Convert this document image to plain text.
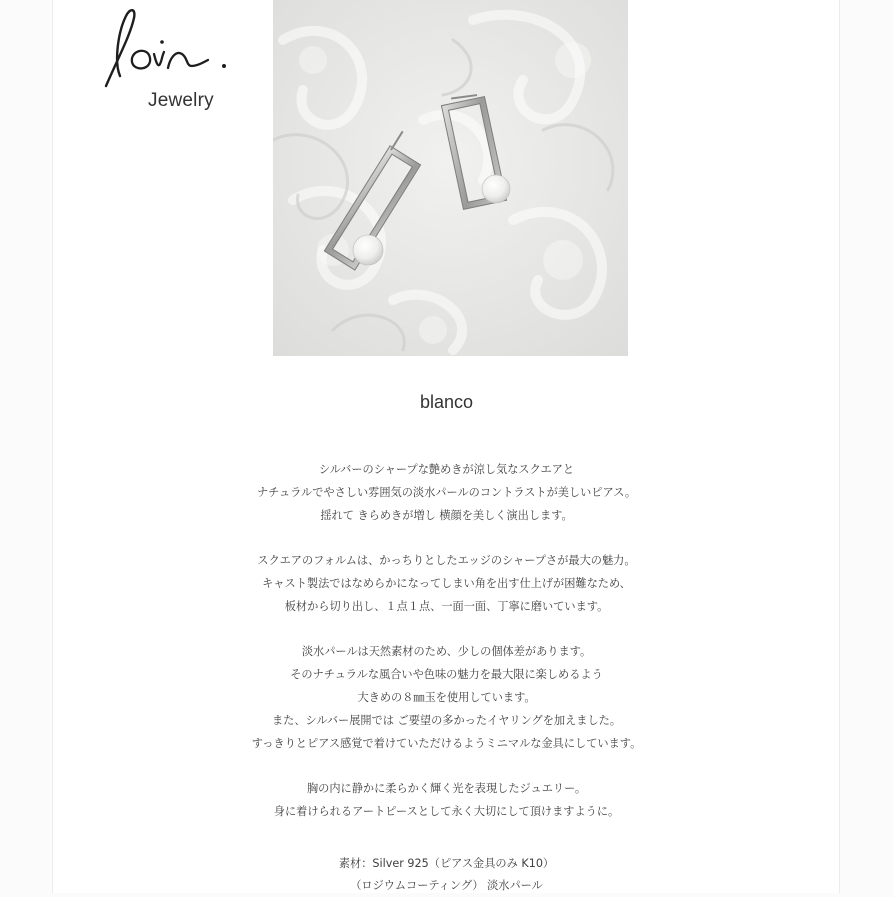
Jewelry
blanco
シルバーのシャープな艶めきが涼し気なスクエアと
ナチュラルでやさしい雰囲気の淡水パールのコントラストが美しいピアス。
揺れて きらめきが増し 横顔を美しく演出します。
スクエアのフォルムは、かっちりとしたエッジのシャープさが最大の魅力。
キャスト製法ではなめらかになってしまい角を出す仕上げが困難なため、
板材から切り出し、１点１点、一面一面、丁寧に磨いています。
淡水パールは天然素材のため、少しの個体差があります。
そのナチュラルな風合いや色味の魅力を最大限に楽しめるよう
大きめの８㎜玉を使用しています。
また、シルバー展開では ご要望の多かったイヤリングを加えました。
すっきりとピアス感覚で着けていただけるようミニマルな金具にしています。
胸の内に静かに柔らかく輝く光を表現したジュエリー。
身に着けられるアートピースとして永く大切にして頂けますように。
素材：Silver 925（ピアス金具のみ K10）
（ロジウムコーティング） 淡水パール
